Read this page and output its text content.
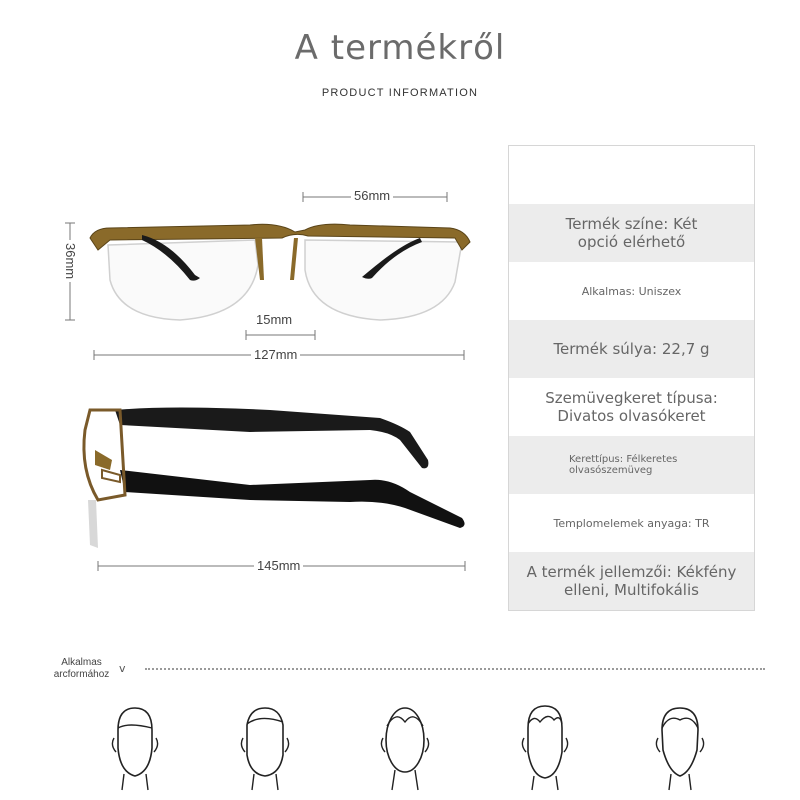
A termékről
PRODUCT INFORMATION
56mm
36mm
15mm
127mm
145mm
Termék színe: Két opció elérhető
Alkalmas: Uniszex
Termék súlya: 22,7 g
Szemüvegkeret típusa: Divatos olvasókeret
Kerettípus: Félkeretes olvasószemüveg
Templomelemek anyaga: TR
A termék jellemzői: Kékfény elleni, Multifokális
Alkalmas arcformához v
